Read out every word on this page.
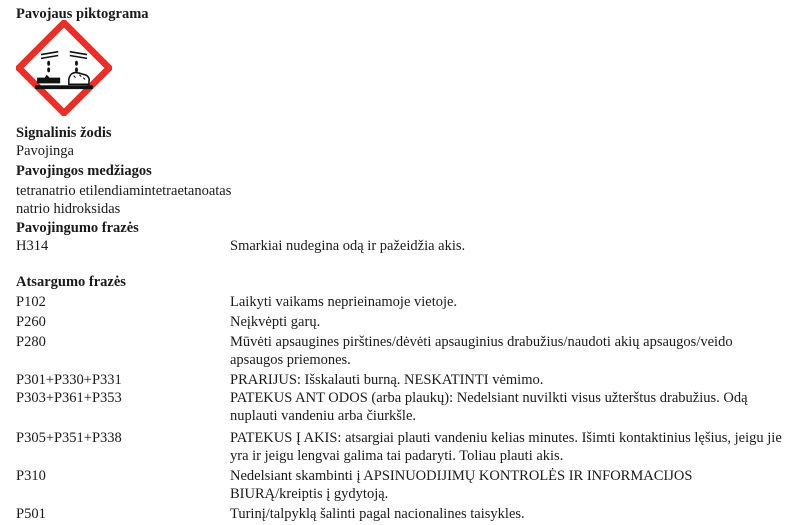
Pavojaus piktograma
Signalinis žodis
Pavojinga
Pavojingos medžiagos
tetranatrio etilendiamintetraetanoatas
natrio hidroksidas
Pavojingumo frazės
H314	Smarkiai nudegina odą ir pažeidžia akis.
Atsargumo frazės
P102	Laikyti vaikams neprieinamoje vietoje.
P260	Neįkvėpti garų.
P280	Mūvėti apsaugines pirštines/dėvėti apsauginius drabužius/naudoti akių apsaugos/veido apsaugos priemones.
P301+P330+P331	PRARIJUS: Išskalauti burną. NESKATINTI vėmimo.
P303+P361+P353	PATEKUS ANT ODOS (arba plaukų): Nedelsiant nuvilkti visus užterštus drabužius. Odą nuplauti vandeniu arba čiurkšle.
P305+P351+P338	PATEKUS Į AKIS: atsargiai plauti vandeniu kelias minutes. Išimti kontaktinius lęšius, jeigu jie yra ir jeigu lengvai galima tai padaryti. Toliau plauti akis.
P310	Nedelsiant skambinti į APSINUODIJIMŲ KONTROLĖS IR INFORMACIJOS BIURĄ/kreiptis į gydytoją.
P501	Turinį/talpyklą šalinti pagal nacionalines taisykles.
